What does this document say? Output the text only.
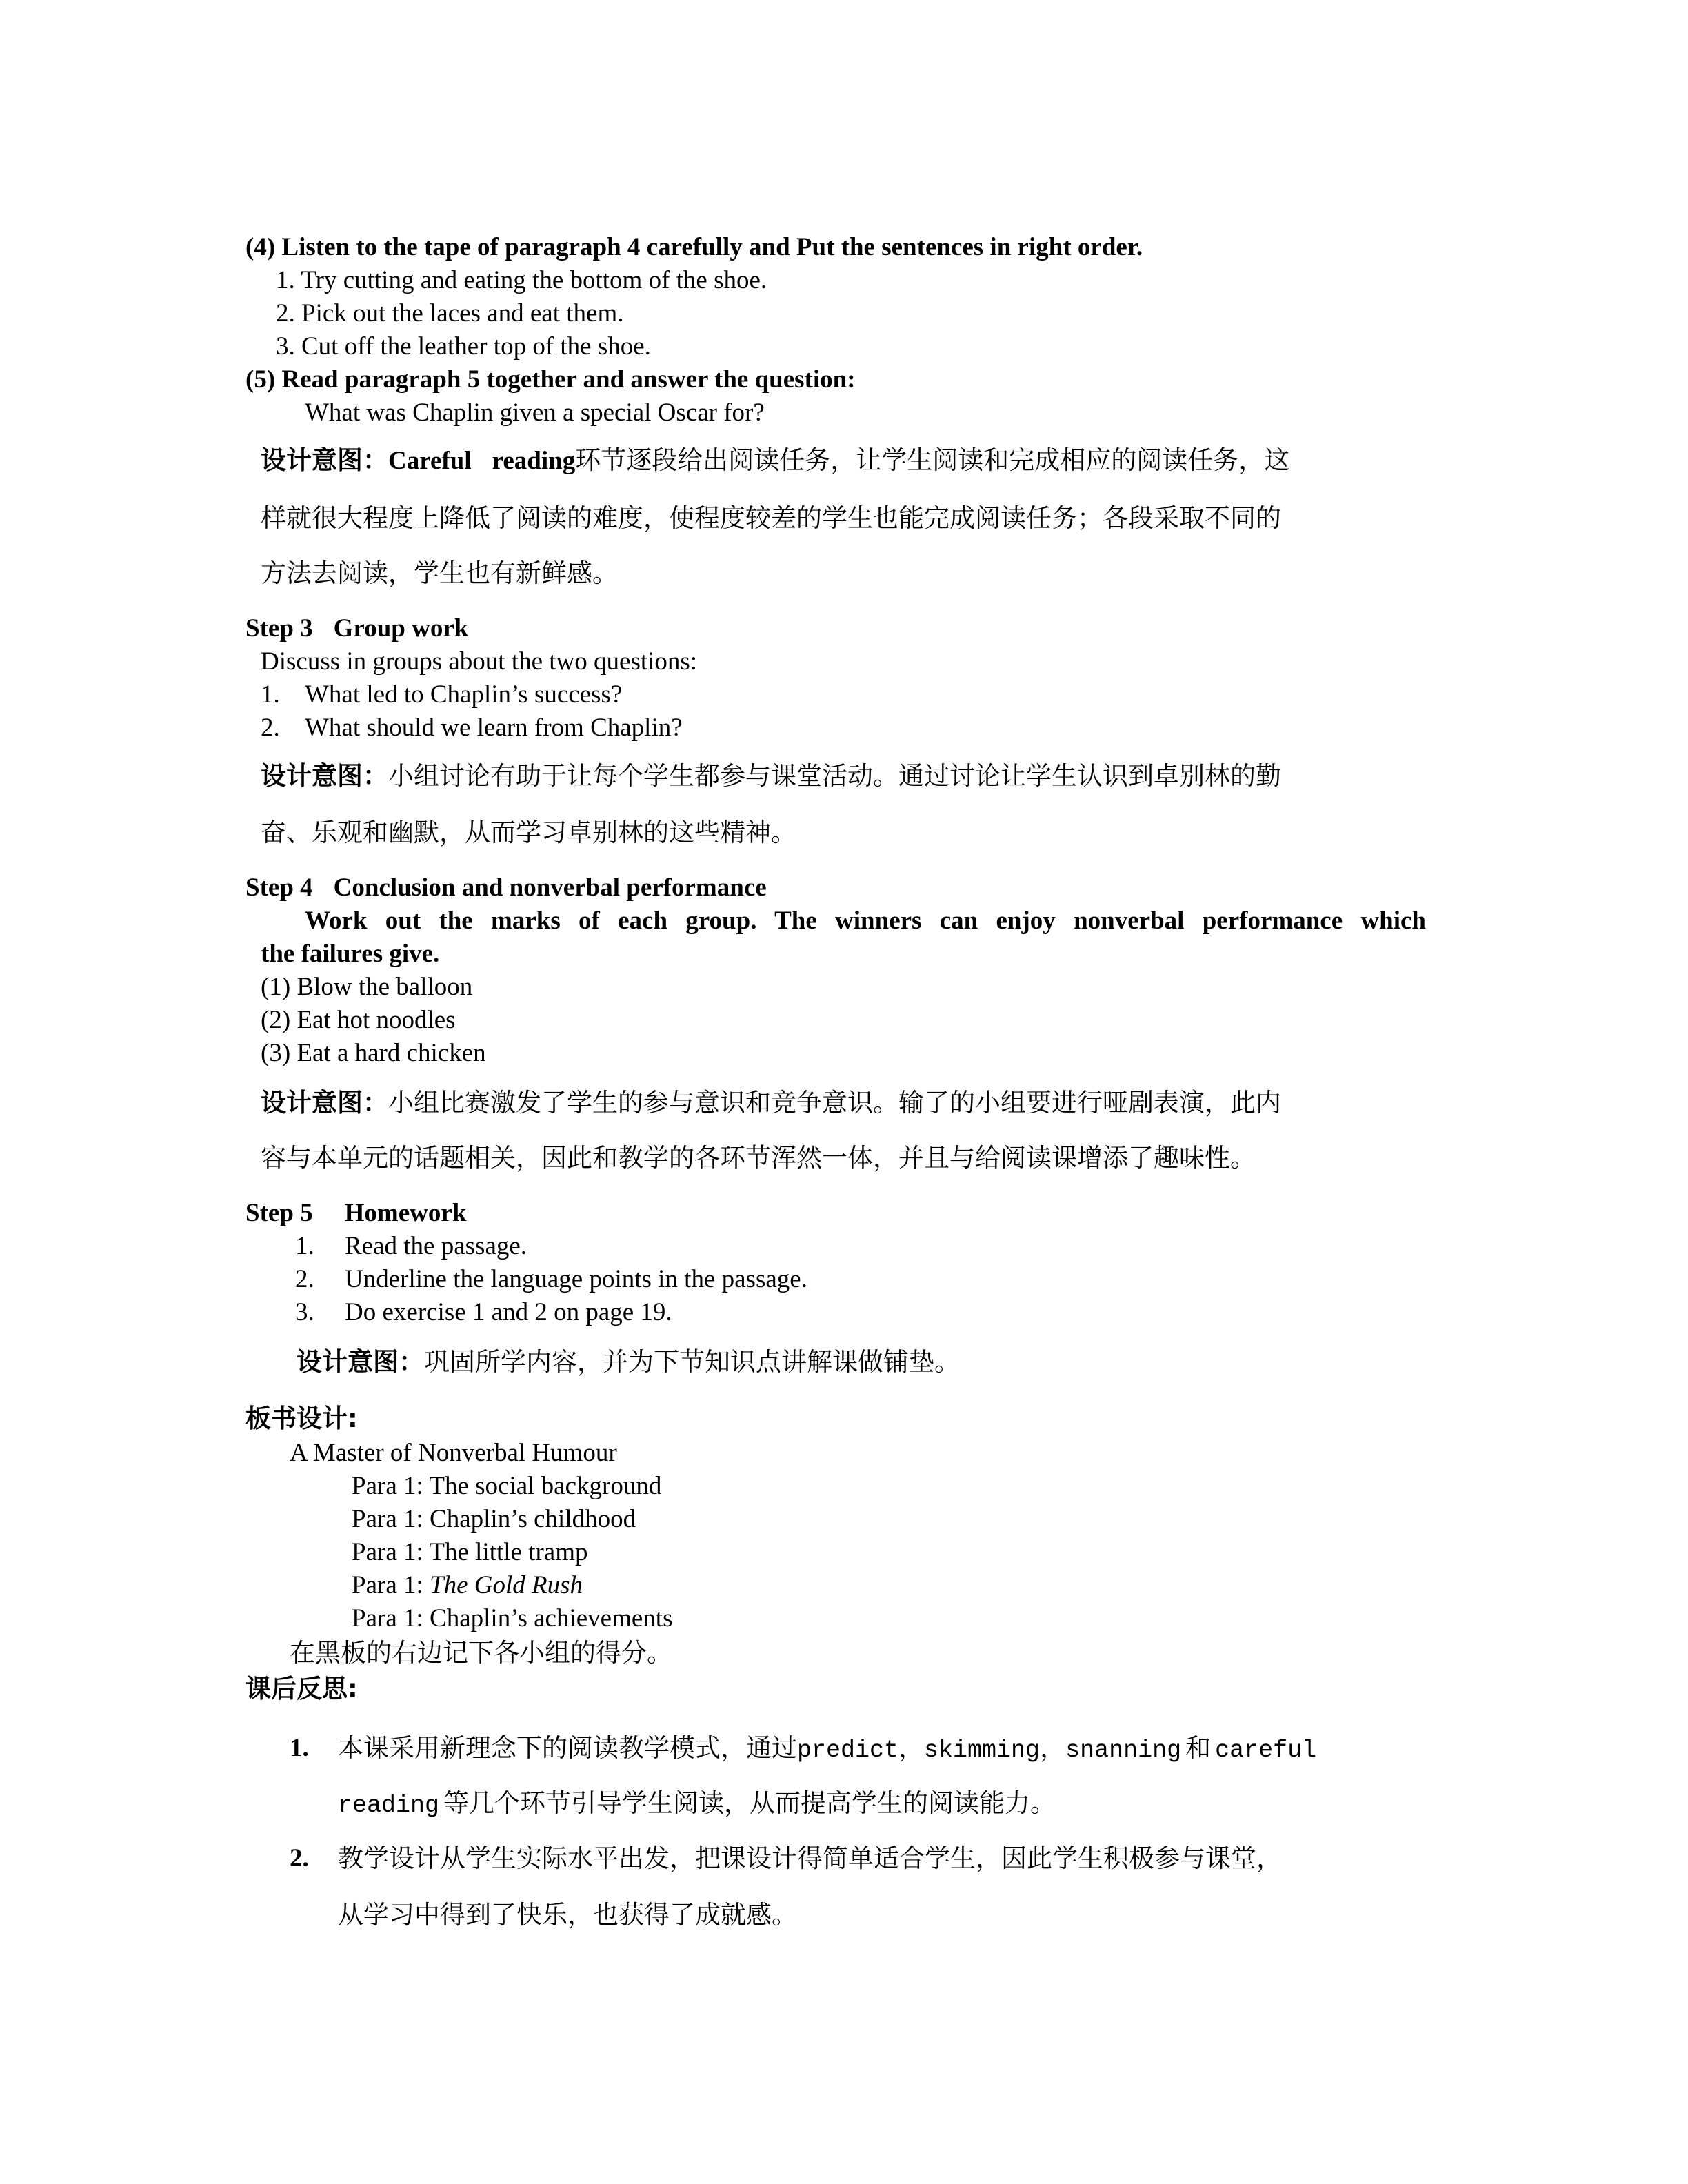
(4) Listen to the tape of paragraph 4 carefully and Put the sentences in right order.
1. Try cutting and eating the bottom of the shoe.
2. Pick out the laces and eat them.
3. Cut off the leather top of the shoe.
(5) Read paragraph 5 together and answer the question:
What was Chaplin given a special Oscar for?
设计意图：Careful reading环节逐段给出阅读任务，让学生阅读和完成相应的阅读任务，这
样就很大程度上降低了阅读的难度，使程度较差的学生也能完成阅读任务；各段采取不同的
方法去阅读，学生也有新鲜感。
Step 3 Group work
Discuss in groups about the two questions:
1. What led to Chaplin’s success?
2. What should we learn from Chaplin?
设计意图：小组讨论有助于让每个学生都参与课堂活动。通过讨论让学生认识到卓别林的勤
奋、乐观和幽默，从而学习卓别林的这些精神。
Step 4 Conclusion and nonverbal performance
Work out the marks of each group. The winners can enjoy nonverbal performance which
the failures give.
(1) Blow the balloon
(2) Eat hot noodles
(3) Eat a hard chicken
设计意图：小组比赛激发了学生的参与意识和竞争意识。输了的小组要进行哑剧表演，此内
容与本单元的话题相关，因此和教学的各环节浑然一体，并且与给阅读课增添了趣味性。
Step 5 Homework
1. Read the passage.
2. Underline the language points in the passage.
3. Do exercise 1 and 2 on page 19.
设计意图：巩固所学内容，并为下节知识点讲解课做铺垫。
板书设计:
A Master of Nonverbal Humour
Para 1: The social background
Para 1: Chaplin’s childhood
Para 1: The little tramp
Para 1: The Gold Rush
Para 1: Chaplin’s achievements
在黑板的右边记下各小组的得分。
课后反思:
1. 本课采用新理念下的阅读教学模式，通过predict，skimming，snanning 和 careful
reading 等几个环节引导学生阅读，从而提高学生的阅读能力。
2. 教学设计从学生实际水平出发，把课设计得简单适合学生，因此学生积极参与课堂，
从学习中得到了快乐，也获得了成就感。
